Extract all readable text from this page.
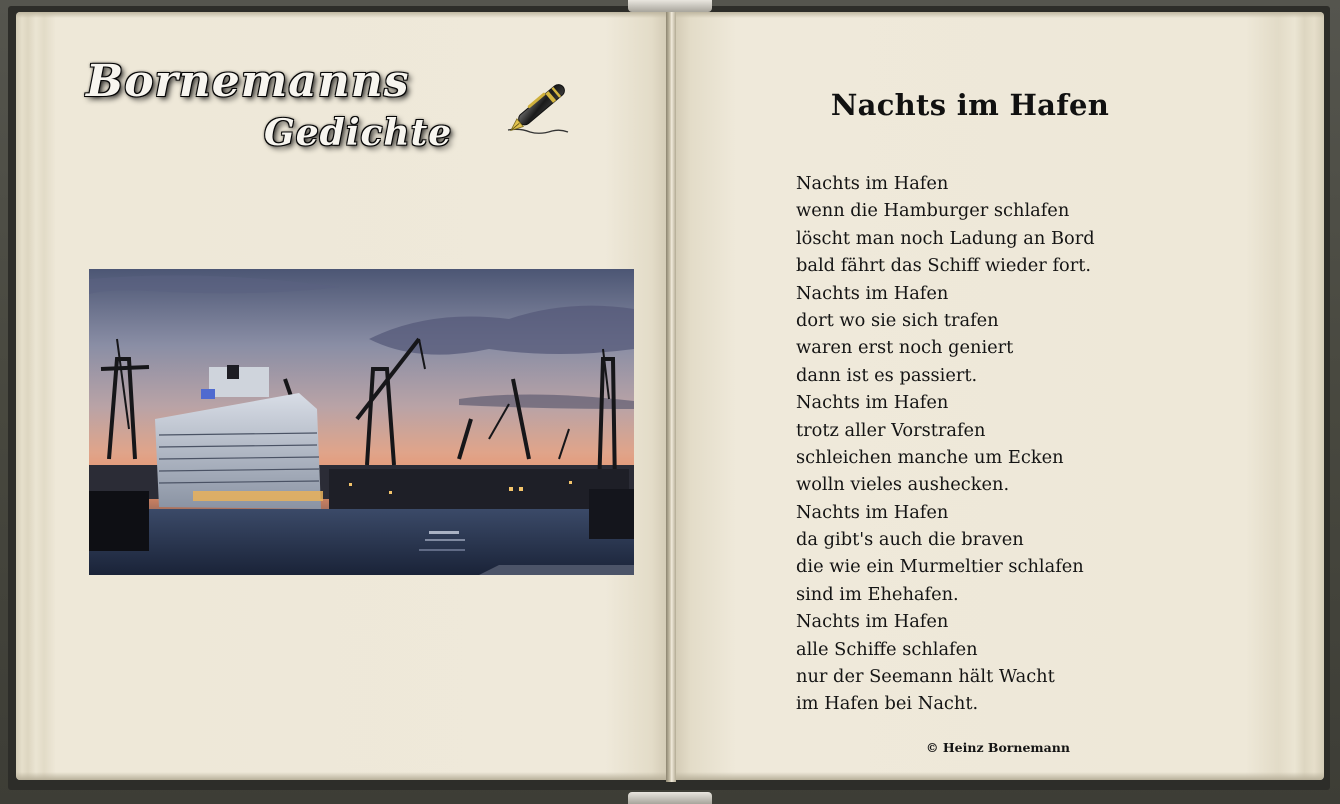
Bornemanns
Gedichte
Nachts im Hafen
Nachts im Hafen
wenn die Hamburger schlafen
löscht man noch Ladung an Bord
bald fährt das Schiff wieder fort.
Nachts im Hafen
dort wo sie sich trafen
waren erst noch geniert
dann ist es passiert.
Nachts im Hafen
trotz aller Vorstrafen
schleichen manche um Ecken
wolln vieles aushecken.
Nachts im Hafen
da gibt's auch die braven
die wie ein Murmeltier schlafen
sind im Ehehafen.
Nachts im Hafen
alle Schiffe schlafen
nur der Seemann hält Wacht
im Hafen bei Nacht.
© Heinz Bornemann
